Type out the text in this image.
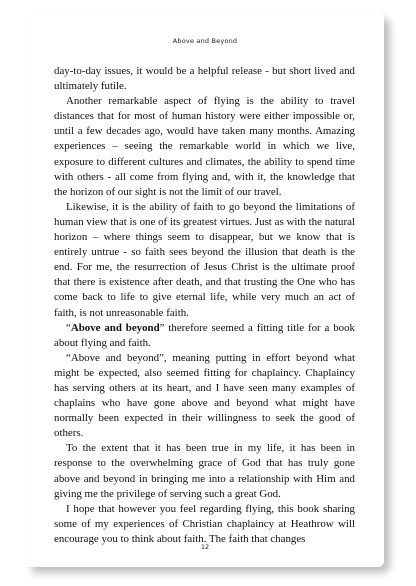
Above and Beyond

day-to-day issues, it would be a helpful release - but short lived and ultimately futile.

Another remarkable aspect of flying is the ability to travel distances that for most of human history were either impossible or, until a few decades ago, would have taken many months. Amazing experiences – seeing the remarkable world in which we live, exposure to different cultures and climates, the ability to spend time with others - all come from flying and, with it, the knowledge that the horizon of our sight is not the limit of our travel.

Likewise, it is the ability of faith to go beyond the limitations of human view that is one of its greatest virtues. Just as with the natural horizon – where things seem to disappear, but we know that is entirely untrue - so faith sees beyond the illusion that death is the end. For me, the resurrection of Jesus Christ is the ultimate proof that there is existence after death, and that trusting the One who has come back to life to give eternal life, while very much an act of faith, is not unreasonable faith.

“Above and beyond” therefore seemed a fitting title for a book about flying and faith.

“Above and beyond”, meaning putting in effort beyond what might be expected, also seemed fitting for chaplaincy. Chaplaincy has serving others at its heart, and I have seen many examples of chaplains who have gone above and beyond what might have normally been expected in their willingness to seek the good of others.

To the extent that it has been true in my life, it has been in response to the overwhelming grace of God that has truly gone above and beyond in bringing me into a relationship with Him and giving me the privilege of serving such a great God.

I hope that however you feel regarding flying, this book sharing some of my experiences of Christian chaplaincy at Heathrow will encourage you to think about faith. The faith that changes

12
